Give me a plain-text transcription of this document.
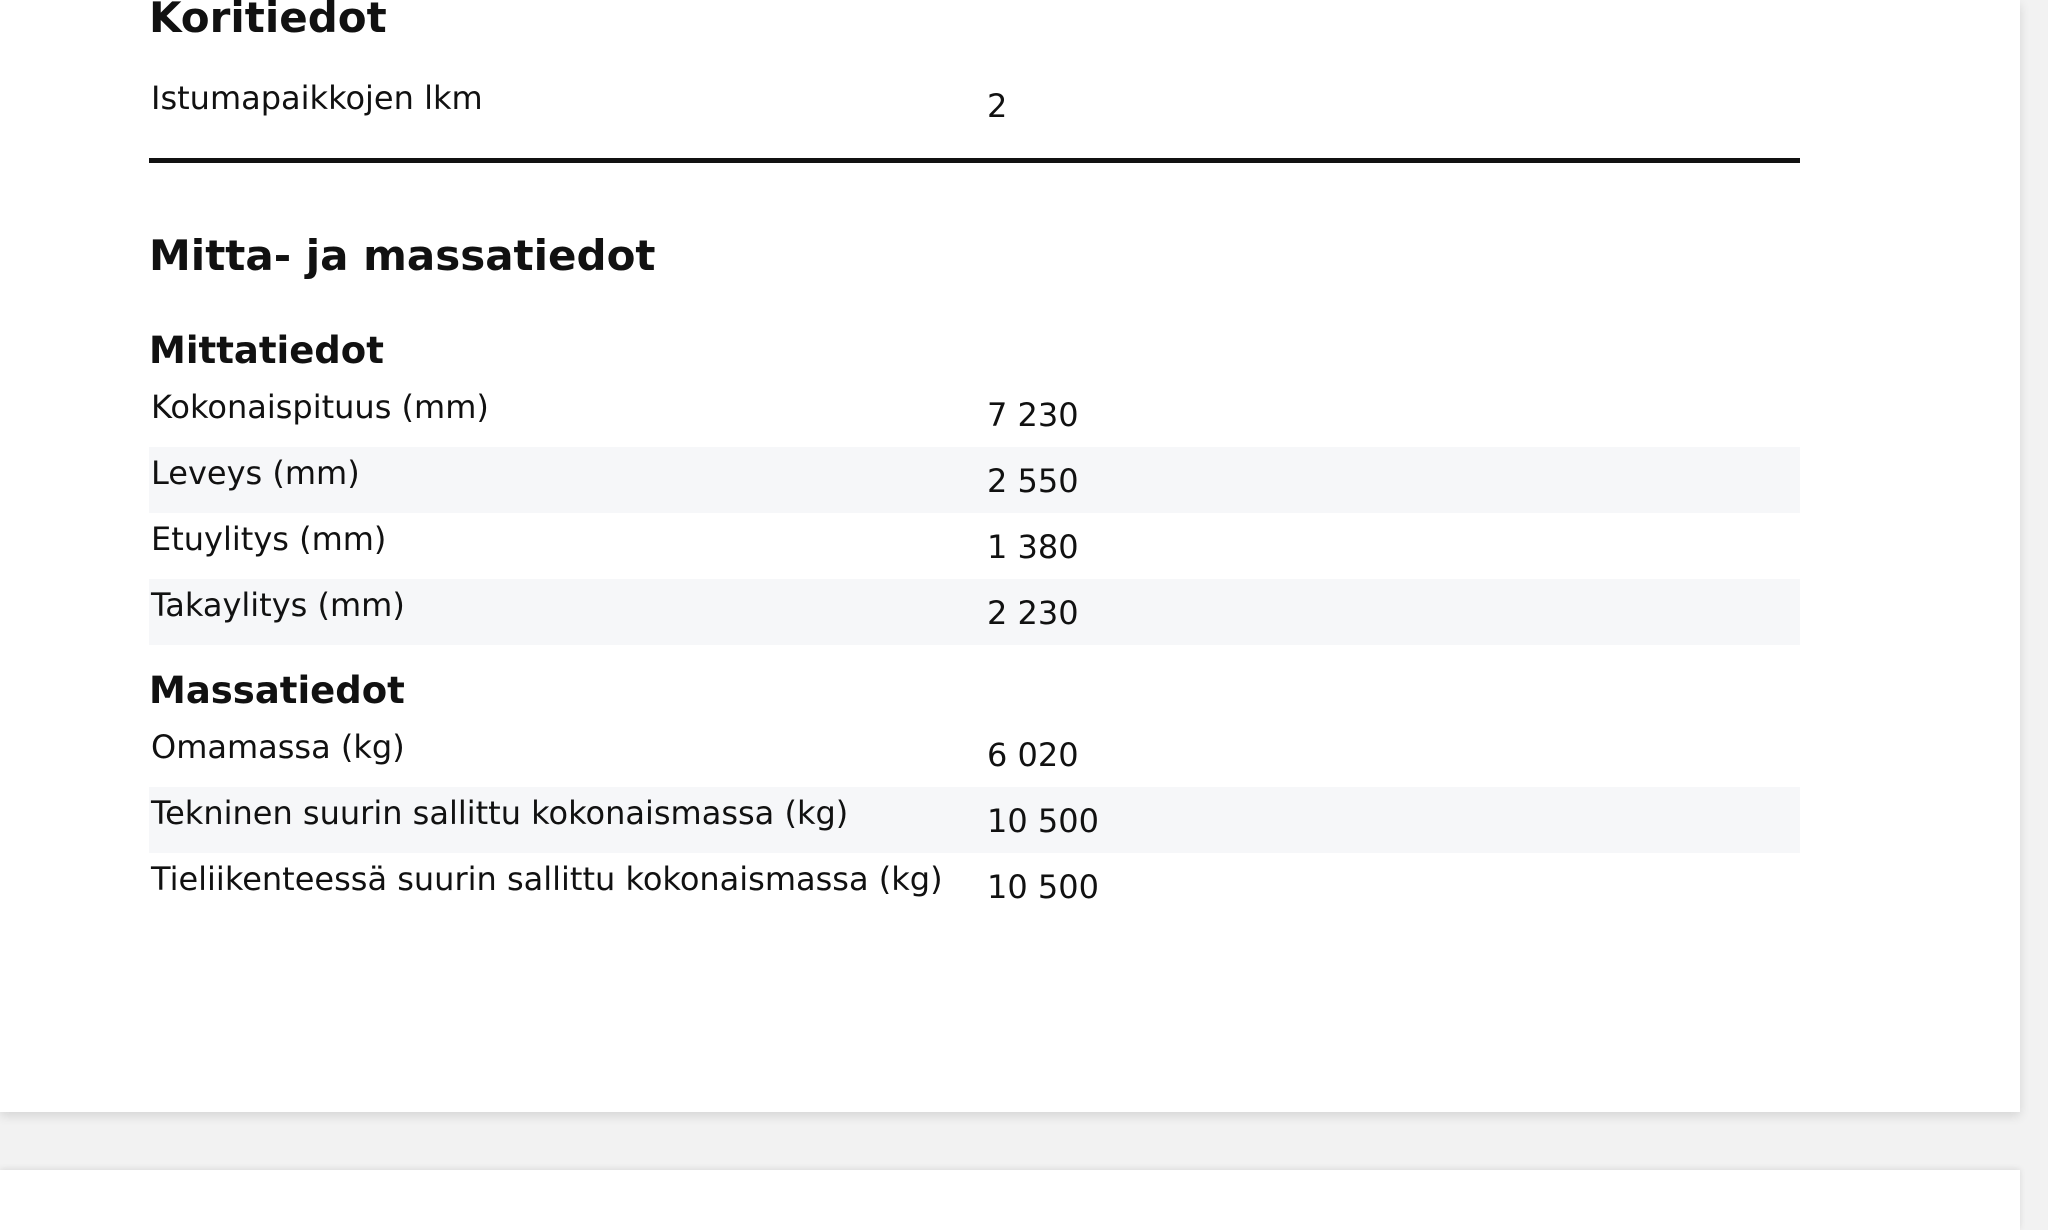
Koritiedot
Istumapaikkojen lkm	2
Mitta- ja massatiedot
Mittatiedot
Kokonaispituus (mm)	7 230
Leveys (mm)	2 550
Etuylitys (mm)	1 380
Takaylitys (mm)	2 230
Massatiedot
Omamassa (kg)	6 020
Tekninen suurin sallittu kokonaismassa (kg)	10 500
Tieliikenteessä suurin sallittu kokonaismassa (kg) 10 500
